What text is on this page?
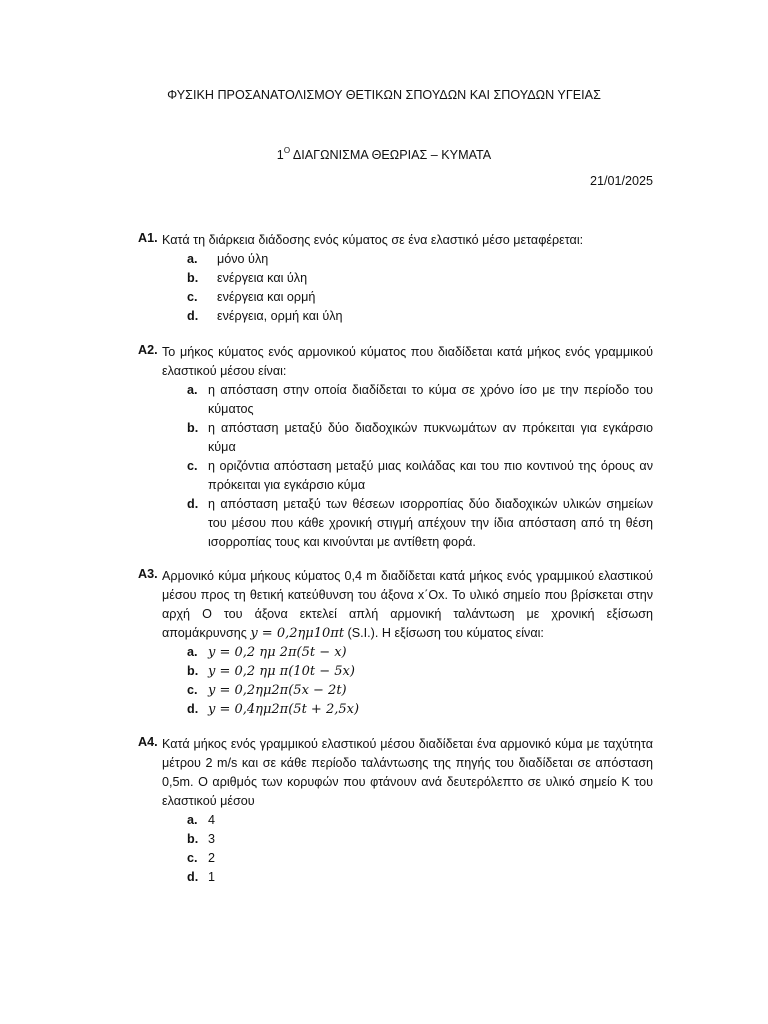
ΦΥΣΙΚΗ ΠΡΟΣΑΝΑΤΟΛΙΣΜΟΥ ΘΕΤΙΚΩΝ ΣΠΟΥΔΩΝ ΚΑΙ ΣΠΟΥΔΩΝ ΥΓΕΙΑΣ
$1^O$ ΔΙΑΓΩΝΙΣΜΑ ΘΕΩΡΙΑΣ – ΚΥΜΑΤΑ
21/01/2025
A1. Κατά τη διάρκεια διάδοσης ενός κύματος σε ένα ελαστικό μέσο μεταφέρεται:
a. μόνο ύλη
b. ενέργεια και ύλη
c. ενέργεια και ορμή
d. ενέργεια, ορμή και ύλη
A2. Το μήκος κύματος ενός αρμονικού κύματος που διαδίδεται κατά μήκος ενός γραμμικού ελαστικού μέσου είναι:
a. η απόσταση στην οποία διαδίδεται το κύμα σε χρόνο ίσο με την περίοδο του κύματος
b. η απόσταση μεταξύ δύο διαδοχικών πυκνωμάτων αν πρόκειται για εγκάρσιο κύμα
c. η οριζόντια απόσταση μεταξύ μιας κοιλάδας και του πιο κοντινού της όρους αν πρόκειται για εγκάρσιο κύμα
d. η απόσταση μεταξύ των θέσεων ισορροπίας δύο διαδοχικών υλικών σημείων του μέσου που κάθε χρονική στιγμή απέχουν την ίδια απόσταση από τη θέση ισορροπίας τους και κινούνται με αντίθετη φορά.
A3. Αρμονικό κύμα μήκους κύματος 0,4 m διαδίδεται κατά μήκος ενός γραμμικού ελαστικού μέσου προς τη θετική κατεύθυνση του άξονα x΄Ox. Το υλικό σημείο που βρίσκεται στην αρχή O του άξονα εκτελεί απλή αρμονική ταλάντωση με χρονική εξίσωση απομάκρυνσης y = 0,2ημ10πt (S.I.). Η εξίσωση του κύματος είναι:
a. y = 0,2 ημ 2π(5t − x)
b. y = 0,2 ημ π(10t − 5x)
c. y = 0,2ημ2π(5x − 2t)
d. y = 0,4ημ2π(5t + 2,5x)
A4. Κατά μήκος ενός γραμμικού ελαστικού μέσου διαδίδεται ένα αρμονικό κύμα με ταχύτητα μέτρου 2 m/s και σε κάθε περίοδο ταλάντωσης της πηγής του διαδίδεται σε απόσταση 0,5m. Ο αριθμός των κορυφών που φτάνουν ανά δευτερόλεπτο σε υλικό σημείο Κ του ελαστικού μέσου
a. 4
b. 3
c. 2
d. 1
